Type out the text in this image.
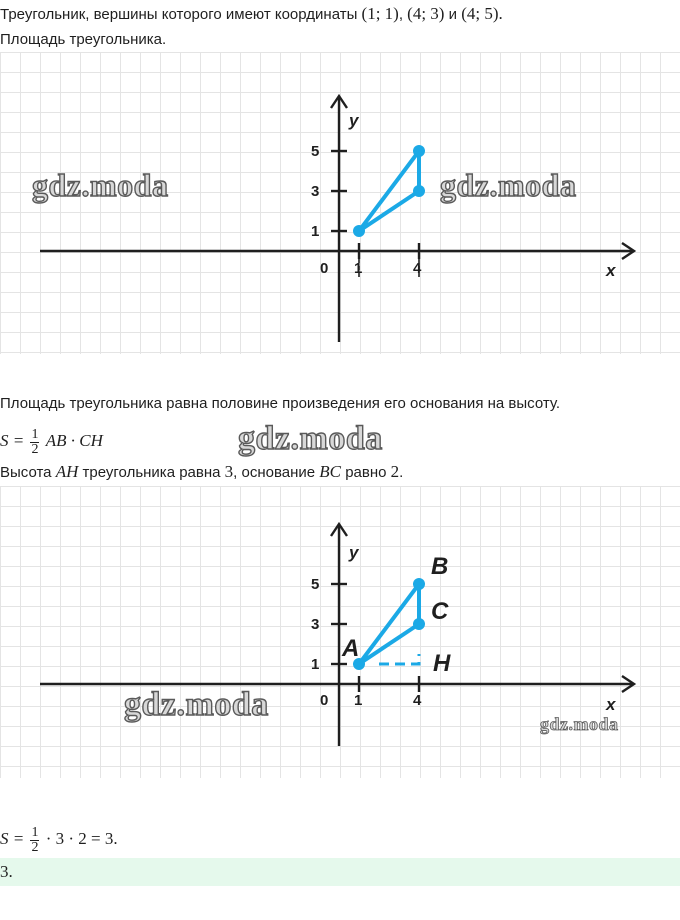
Треугольник, вершины которого имеют координаты (1; 1), (4; 3) и (4; 5).
Площадь треугольника.
5
3
1
0 1	4
y
x
gdz.moda	gdz.moda
Площадь треугольника равна половине произведения его основания на высоту.
$S = \frac{1}{2}$ AB · CH	gdz.moda
Высота AH треугольника равна 3, основание BC равно 2.
5
3
1
0 1	4
y
x
A
B
C
H
gdz.moda
gdz.moda
$S = \frac{1}{2} \cdot 3 \cdot 2 = 3$.
3.
